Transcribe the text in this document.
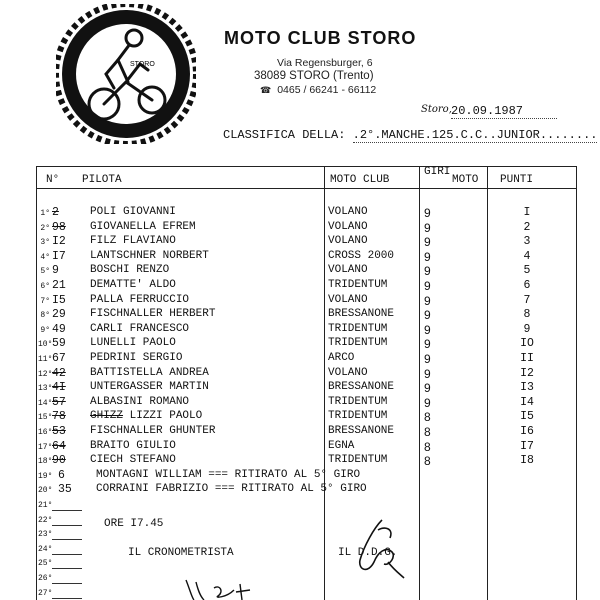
STORO
MOTO CLUB STORO
Via Regensburger, 6
38089 STORO (Trento)
☎ 0465 / 66241 - 66112
Storo, 20.09.1987
CLASSIFICA DELLA: .2°.MANCHE.125.C.C..JUNIOR........
N° PILOTA	MOTO CLUB
GIRI
MOTO PUNTI
1° 2	POLI GIOVANNI	VOLANO	9	I
2° 98 GIOVANELLA EFREM	VOLANO	9	2
3° I2 FILZ FLAVIANO	VOLANO	9	3
4° I7 LANTSCHNER NORBERT	CROSS 2000 9	4
5° 9	BOSCHI RENZO	VOLANO	9	5
6° 21 DEMATTE' ALDO	TRIDENTUM	9	6
7° I5 PALLA FERRUCCIO	VOLANO	9	7
8° 29 FISCHNALLER HERBERT	BRESSANONE 9	8
9° 49 CARLI FRANCESCO	TRIDENTUM	9	9
10° 59 LUNELLI PAOLO	TRIDENTUM	9	IO
11° 67 PEDRINI SERGIO	ARCO	9	II
12° 42 BATTISTELLA ANDREA	VOLANO	9	I2
13° 4I UNTERGASSER MARTIN	BRESSANONE 9	I3
14° 57 ALBASINI ROMANO	TRIDENTUM	9	I4
15° 78 GHIZZ LIZZI PAOLO	TRIDENTUM	8	I5
16° 53 FISCHNALLER GHUNTER	BRESSANONE 8	I6
17° 64 BRAITO GIULIO	EGNA	8	I7
18° 90 CIECH STEFANO	TRIDENTUM	8	I8
19° 6	MONTAGNI WILLIAM === RITIRATO AL 5° GIRO
20° 35 CORRAINI FABRIZIO === RITIRATO AL 5° GIRO
21°
22°
23°
24°
25°
26°
27°
ORE I7.45
IL CRONOMETRISTA	IL D.D.G.
